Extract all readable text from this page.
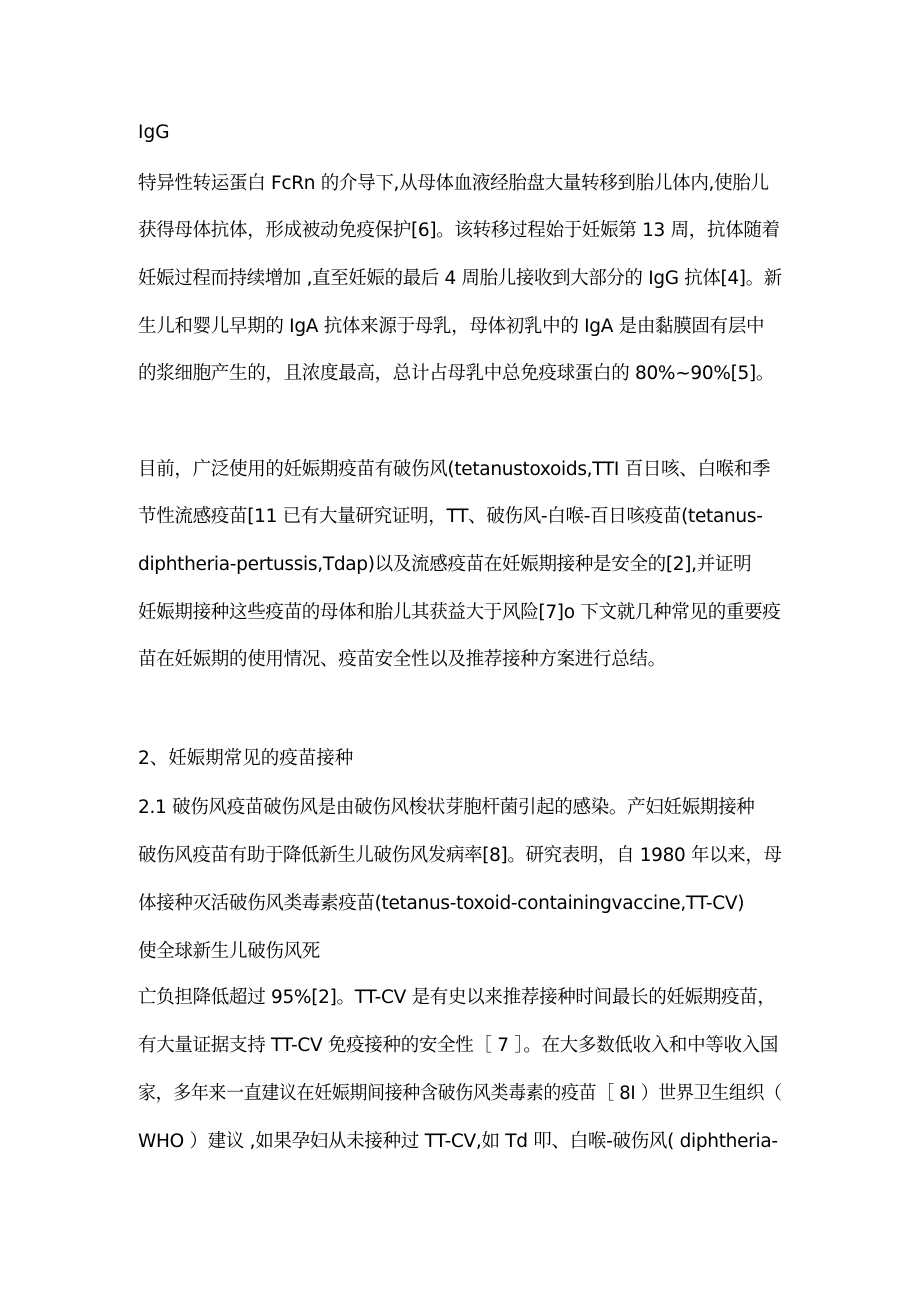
IgG
特异性转运蛋白 FcRn 的介导下,从母体血液经胎盘大量转移到胎儿体内,使胎儿
获得母体抗体，形成被动免疫保护[6]。该转移过程始于妊娠第 13 周，抗体随着
妊娠过程而持续增加 ,直至妊娠的最后 4 周胎儿接收到大部分的 IgG 抗体[4]。新
生儿和婴儿早期的 IgA 抗体来源于母乳，母体初乳中的 IgA 是由黏膜固有层中
的浆细胞产生的，且浓度最高，总计占母乳中总免疫球蛋白的 80%~90%[5]。
目前，广泛使用的妊娠期疫苗有破伤风(tetanustoxoids,TTI 百日咳、白喉和季
节性流感疫苗[11 已有大量研究证明，TT、破伤风-白喉-百日咳疫苗(tetanus-
diphtheria-pertussis,Tdap)以及流感疫苗在妊娠期接种是安全的[2],并证明
妊娠期接种这些疫苗的母体和胎儿其获益大于风险[7]o 下文就几种常见的重要疫
苗在妊娠期的使用情况、疫苗安全性以及推荐接种方案进行总结。
2、妊娠期常见的疫苗接种
2.1 破伤风疫苗破伤风是由破伤风梭状芽胞杆菌引起的感染。产妇妊娠期接种
破伤风疫苗有助于降低新生儿破伤风发病率[8]。研究表明，自 1980 年以来，母
体接种灭活破伤风类毒素疫苗(tetanus-toxoid-containingvaccine,TT-CV)
使全球新生儿破伤风死
亡负担降低超过 95%[2]。TT-CV 是有史以来推荐接种时间最长的妊娠期疫苗，
有大量证据支持 TT-CV 免疫接种的安全性［ 7 ］。在大多数低收入和中等收入国
家，多年来一直建议在妊娠期间接种含破伤风类毒素的疫苗［ 8I ）世界卫生组织（
WHO ）建议 ,如果孕妇从未接种过 TT-CV,如 Td 叩、白喉-破伤风( diphtheria-
